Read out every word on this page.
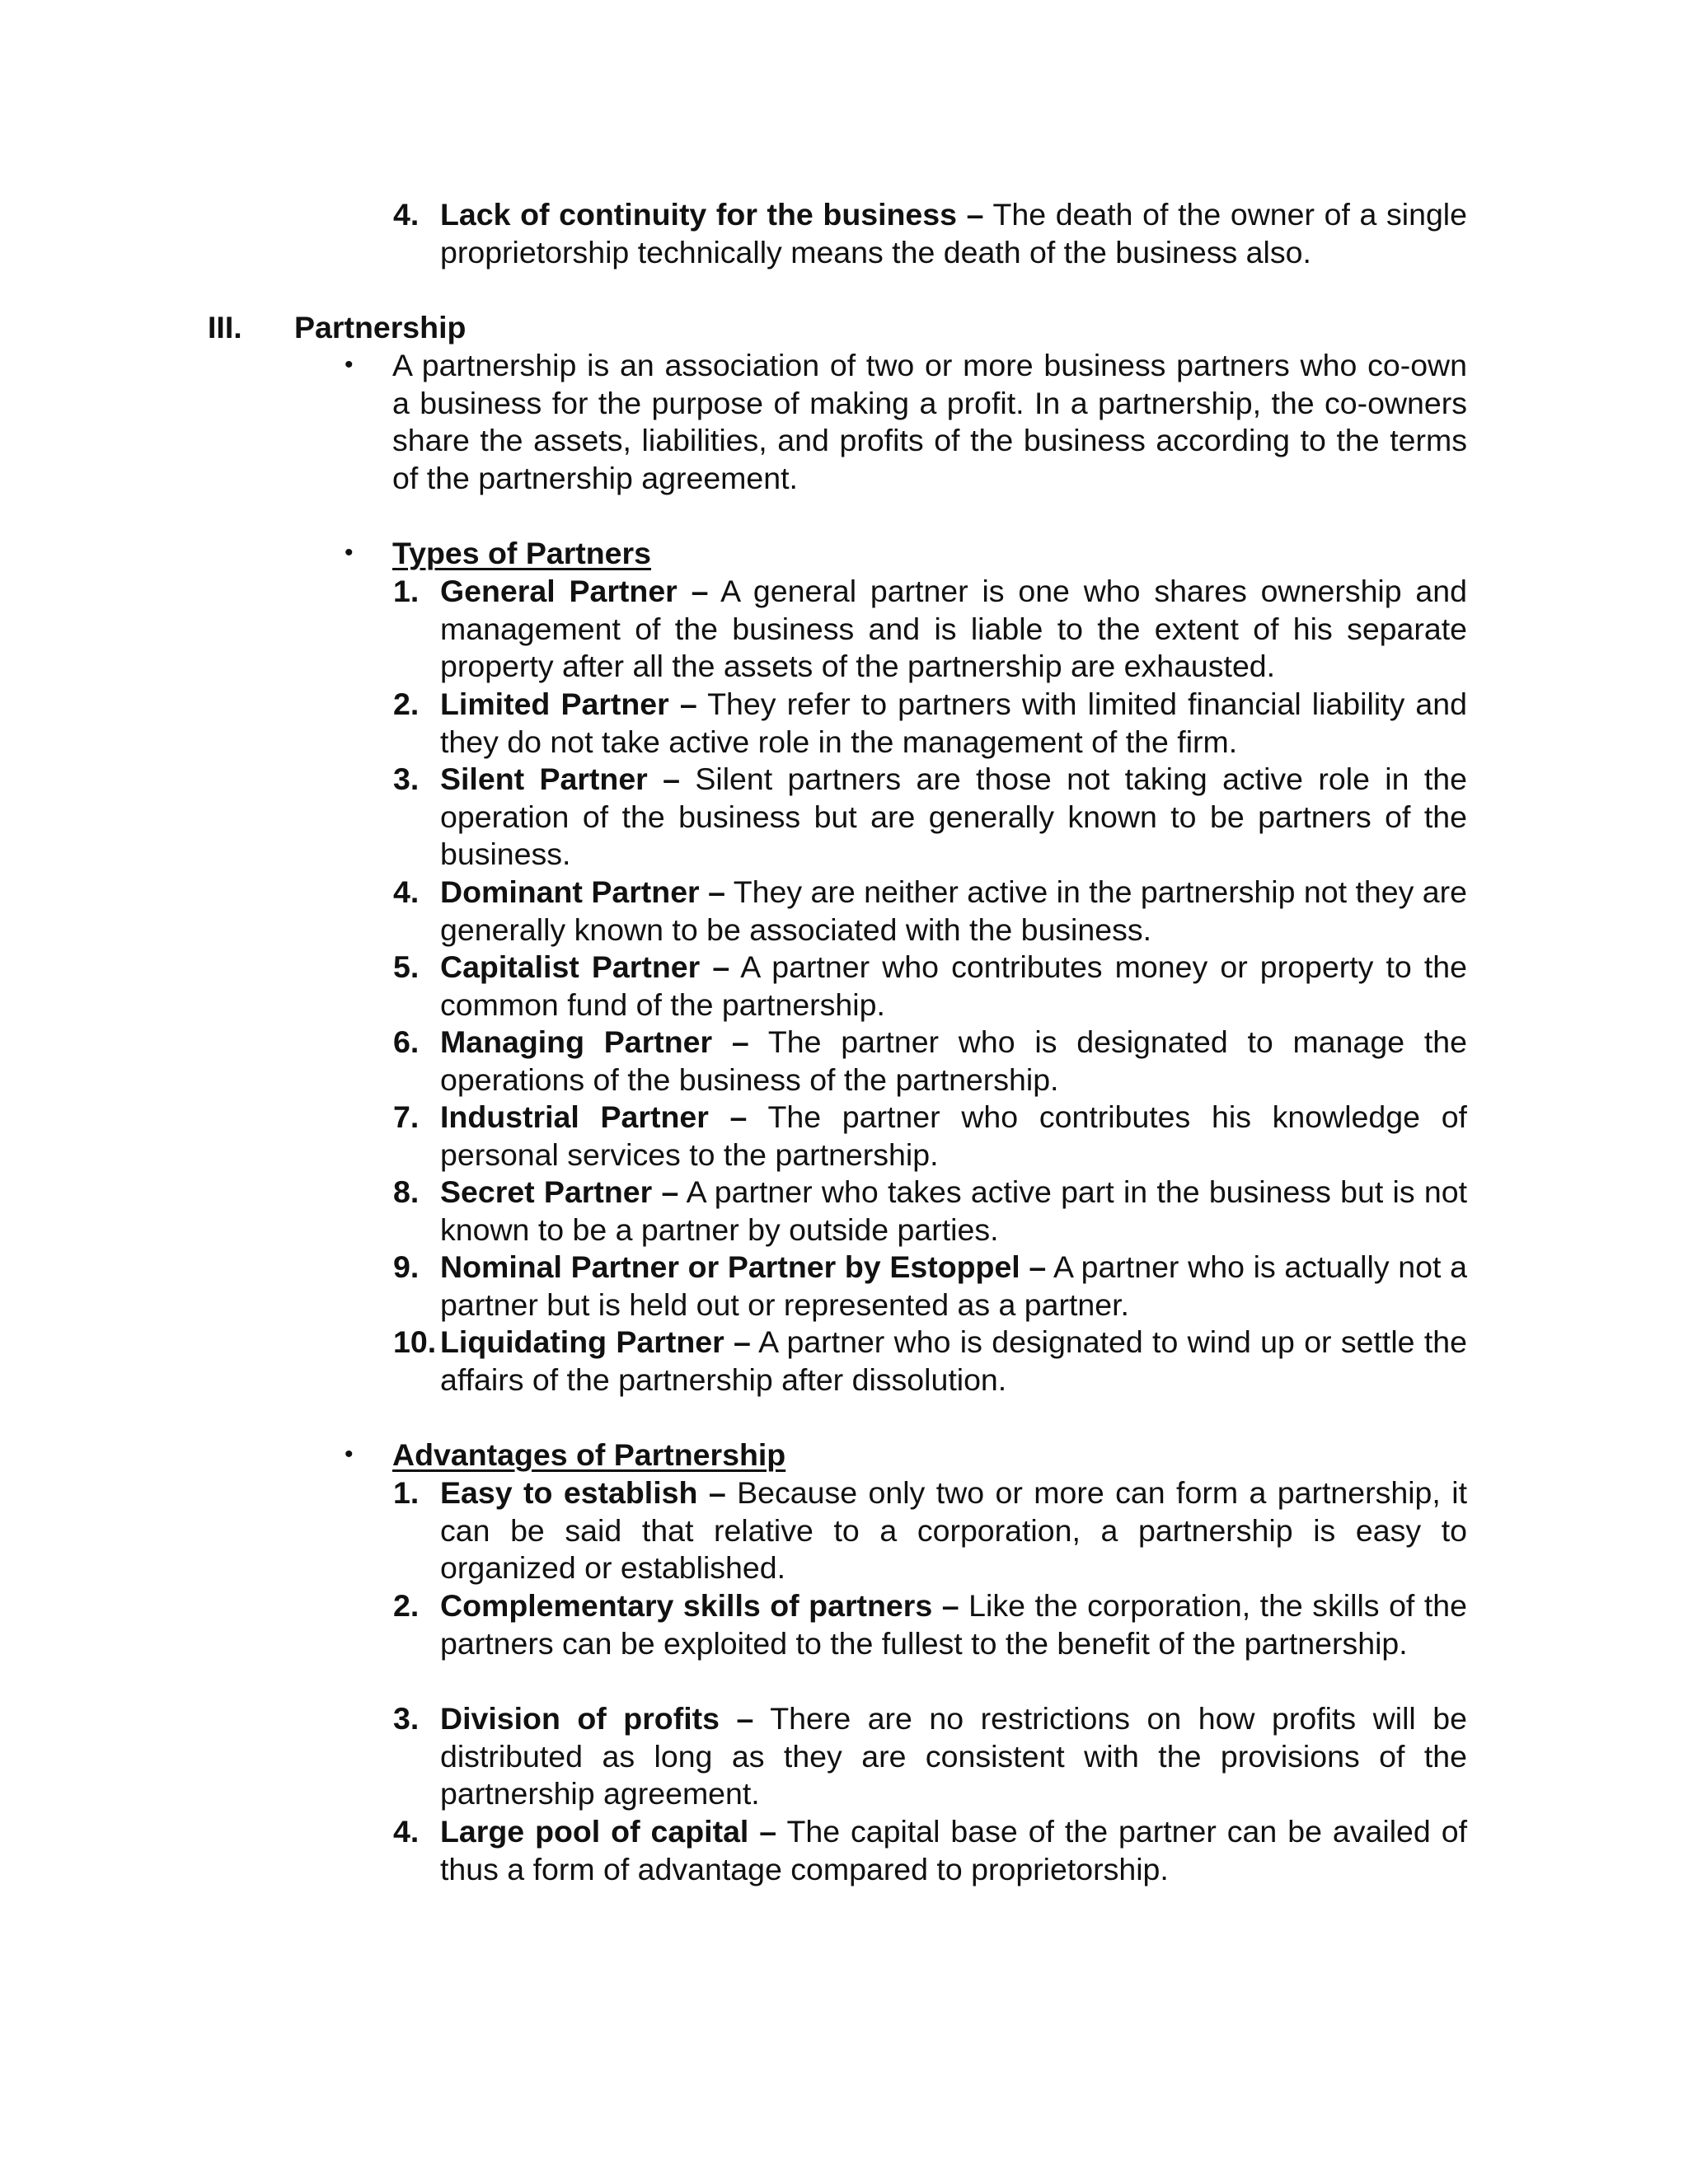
4. Lack of continuity for the business – The death of the owner of a single proprietorship technically means the death of the business also.
III. Partnership
• A partnership is an association of two or more business partners who co-own a business for the purpose of making a profit. In a partnership, the co-owners share the assets, liabilities, and profits of the business according to the terms of the partnership agreement.
• Types of Partners
1. General Partner – A general partner is one who shares ownership and management of the business and is liable to the extent of his separate property after all the assets of the partnership are exhausted.
2. Limited Partner – They refer to partners with limited financial liability and they do not take active role in the management of the firm.
3. Silent Partner – Silent partners are those not taking active role in the operation of the business but are generally known to be partners of the business.
4. Dominant Partner – They are neither active in the partnership not they are generally known to be associated with the business.
5. Capitalist Partner – A partner who contributes money or property to the common fund of the partnership.
6. Managing Partner – The partner who is designated to manage the operations of the business of the partnership.
7. Industrial Partner – The partner who contributes his knowledge of personal services to the partnership.
8. Secret Partner – A partner who takes active part in the business but is not known to be a partner by outside parties.
9. Nominal Partner or Partner by Estoppel – A partner who is actually not a partner but is held out or represented as a partner.
10. Liquidating Partner – A partner who is designated to wind up or settle the affairs of the partnership after dissolution.
• Advantages of Partnership
1. Easy to establish – Because only two or more can form a partnership, it can be said that relative to a corporation, a partnership is easy to organized or established.
2. Complementary skills of partners – Like the corporation, the skills of the partners can be exploited to the fullest to the benefit of the partnership.
3. Division of profits – There are no restrictions on how profits will be distributed as long as they are consistent with the provisions of the partnership agreement.
4. Large pool of capital – The capital base of the partner can be availed of thus a form of advantage compared to proprietorship.
